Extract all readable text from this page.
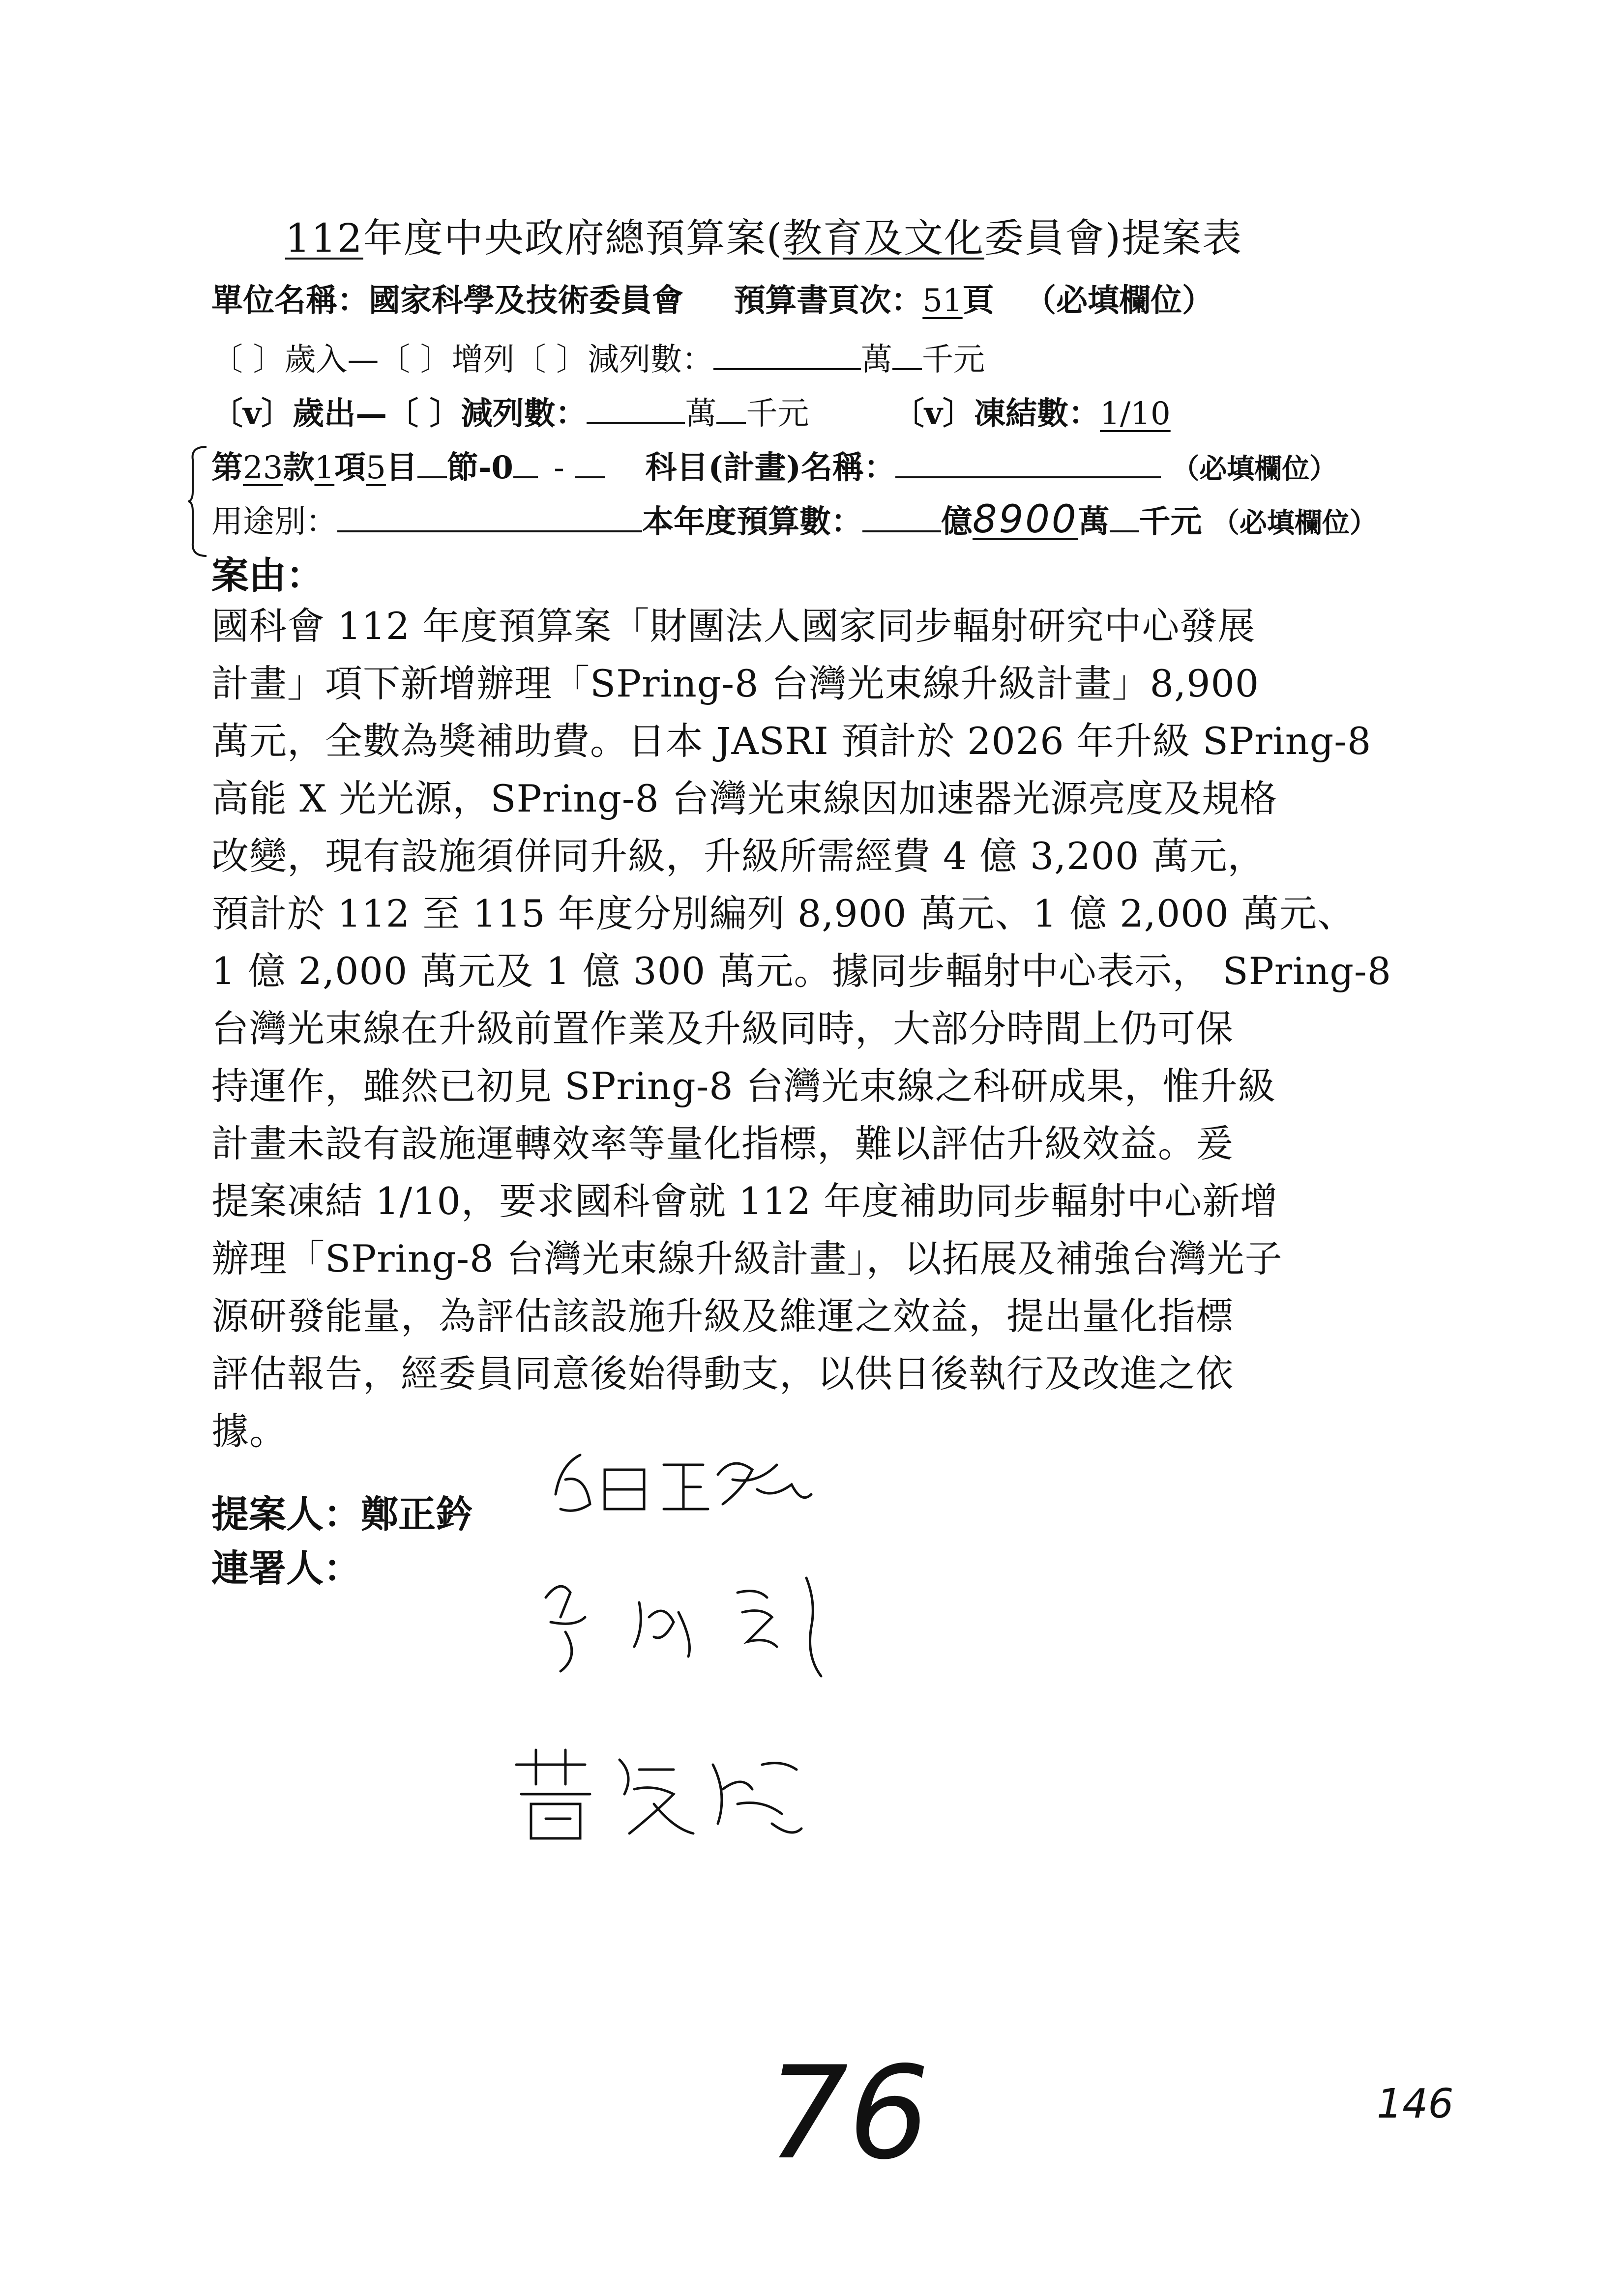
112年度中央政府總預算案(教育及文化委員會)提案表
單位名稱：國家科學及技術委員會 預算書頁次：51頁 （必填欄位）
〔 〕歲入—〔 〕增列〔 〕減列數：	萬 千元
〔v〕歲出—〔 〕減列數：	萬 千元	〔v〕凍結數：1/10
第23款1項5目 節-0 -	科目(計畫)名稱：	（必填欄位）
用途別：	本年度預算數：	億8900萬 千元 （必填欄位）
案由：
國科會 112 年度預算案「財團法人國家同步輻射研究中心發展
計畫」項下新增辦理「SPring-8 台灣光束線升級計畫」8,900
萬元，全數為獎補助費。日本 JASRI 預計於 2026 年升級 SPring-8
高能 X 光光源，SPring-8 台灣光束線因加速器光源亮度及規格
改變，現有設施須併同升級，升級所需經費 4 億 3,200 萬元，
預計於 112 至 115 年度分別編列 8,900 萬元、1 億 2,000 萬元、
1 億 2,000 萬元及 1 億 300 萬元。據同步輻射中心表示， SPring-8
台灣光束線在升級前置作業及升級同時，大部分時間上仍可保
持運作，雖然已初見 SPring-8 台灣光束線之科研成果，惟升級
計畫未設有設施運轉效率等量化指標，難以評估升級效益。爰
提案凍結 1/10，要求國科會就 112 年度補助同步輻射中心新增
辦理「SPring-8 台灣光束線升級計畫」，以拓展及補強台灣光子
源研發能量，為評估該設施升級及維運之效益，提出量化指標
評估報告，經委員同意後始得動支，以供日後執行及改進之依
據。
提案人：鄭正鈐
連署人：
76	146
